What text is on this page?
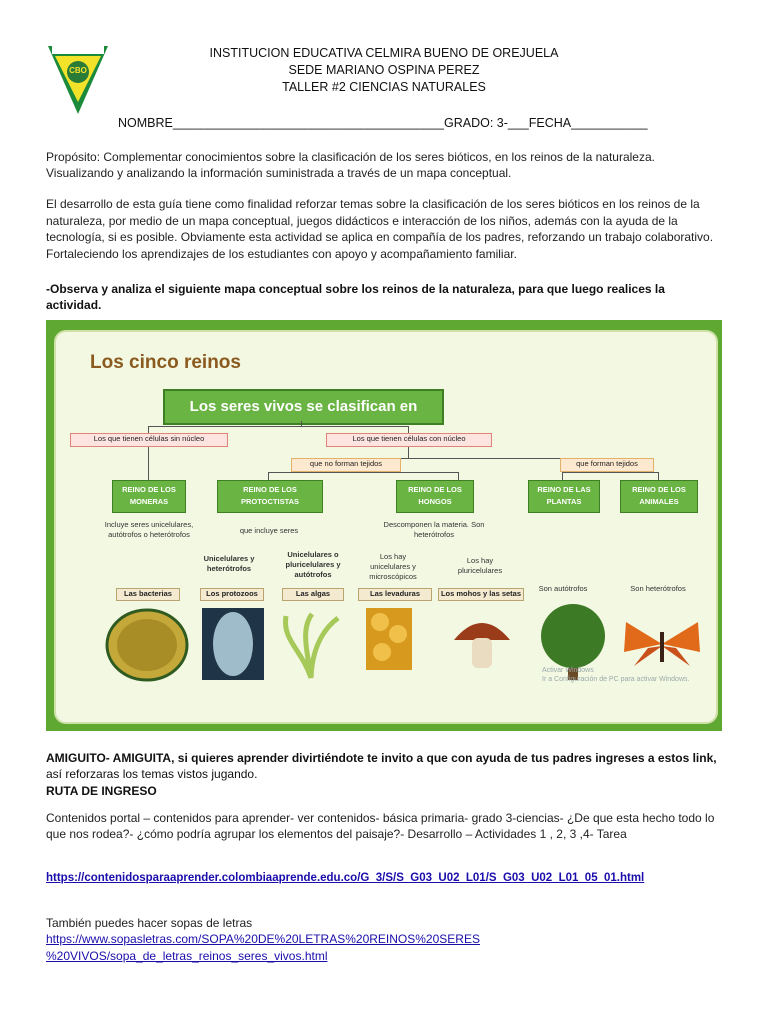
CBO
INSTITUCION EDUCATIVA CELMIRA BUENO DE OREJUELA
SEDE MARIANO OSPINA PEREZ
TALLER #2 CIENCIAS NATURALES
NOMBRE_______________________________________GRADO: 3-___FECHA___________
Propósito: Complementar conocimientos sobre la clasificación de los seres bióticos, en los reinos de la naturaleza. Visualizando y analizando la información suministrada a través de un mapa conceptual.
El desarrollo de esta guía tiene como finalidad reforzar temas sobre la clasificación de los seres bióticos en los reinos de la naturaleza, por medio de un mapa conceptual, juegos didácticos e interacción de los niños, además con la ayuda de la tecnología, si es posible. Obviamente esta actividad se aplica en compañía de los padres, reforzando un trabajo colaborativo. Fortaleciendo los aprendizajes de los estudiantes con apoyo y acompañamiento familiar.
-Observa y analiza el siguiente mapa conceptual sobre los reinos de la naturaleza, para que luego realices la actividad.
Los cinco reinos
Los seres vivos se clasifican en
Los que tienen células sin núcleo	Los que tienen células con núcleo
que no forman tejidos	que forman tejidos
REINO DE LOS MONERAS
REINO DE LOS PROTOCTISTAS
REINO DE LOS HONGOS
REINO DE LAS PLANTAS
REINO DE LOS ANIMALES
Incluye seres unicelulares, autótrofos o heterótrofos	que incluye seres
Unicelulares y heterótrofos
Unicelulares o pluricelulares y autótrofos
Descomponen la materia. Son heterótrofos
Los hay unicelulares y microscópicos
Los hay pluricelulares
Son autótrofos	Son heterótrofos
Las bacterias	Los protozoos	Las algas	Las levaduras	Los mohos y las setas
Activar Windows
Ir a Configuración de PC para activar Windows.
AMIGUITO- AMIGUITA, si quieres aprender divirtiéndote te invito a que con ayuda de tus padres ingreses a estos link, así reforzaras los temas vistos jugando.
RUTA DE INGRESO
Contenidos portal – contenidos para aprender- ver contenidos- básica primaria- grado 3-ciencias- ¿De que esta hecho todo lo que nos rodea?- ¿cómo podría agrupar los elementos del paisaje?- Desarrollo – Actividades 1 , 2, 3 ,4- Tarea
https://contenidosparaaprender.colombiaaprende.edu.co/G_3/S/S_G03_U02_L01/S_G03_U02_L01_05_01.html
También puedes hacer sopas de letras
https://www.sopasletras.com/SOPA%20DE%20LETRAS%20REINOS%20SERES
%20VIVOS/sopa_de_letras_reinos_seres_vivos.html
